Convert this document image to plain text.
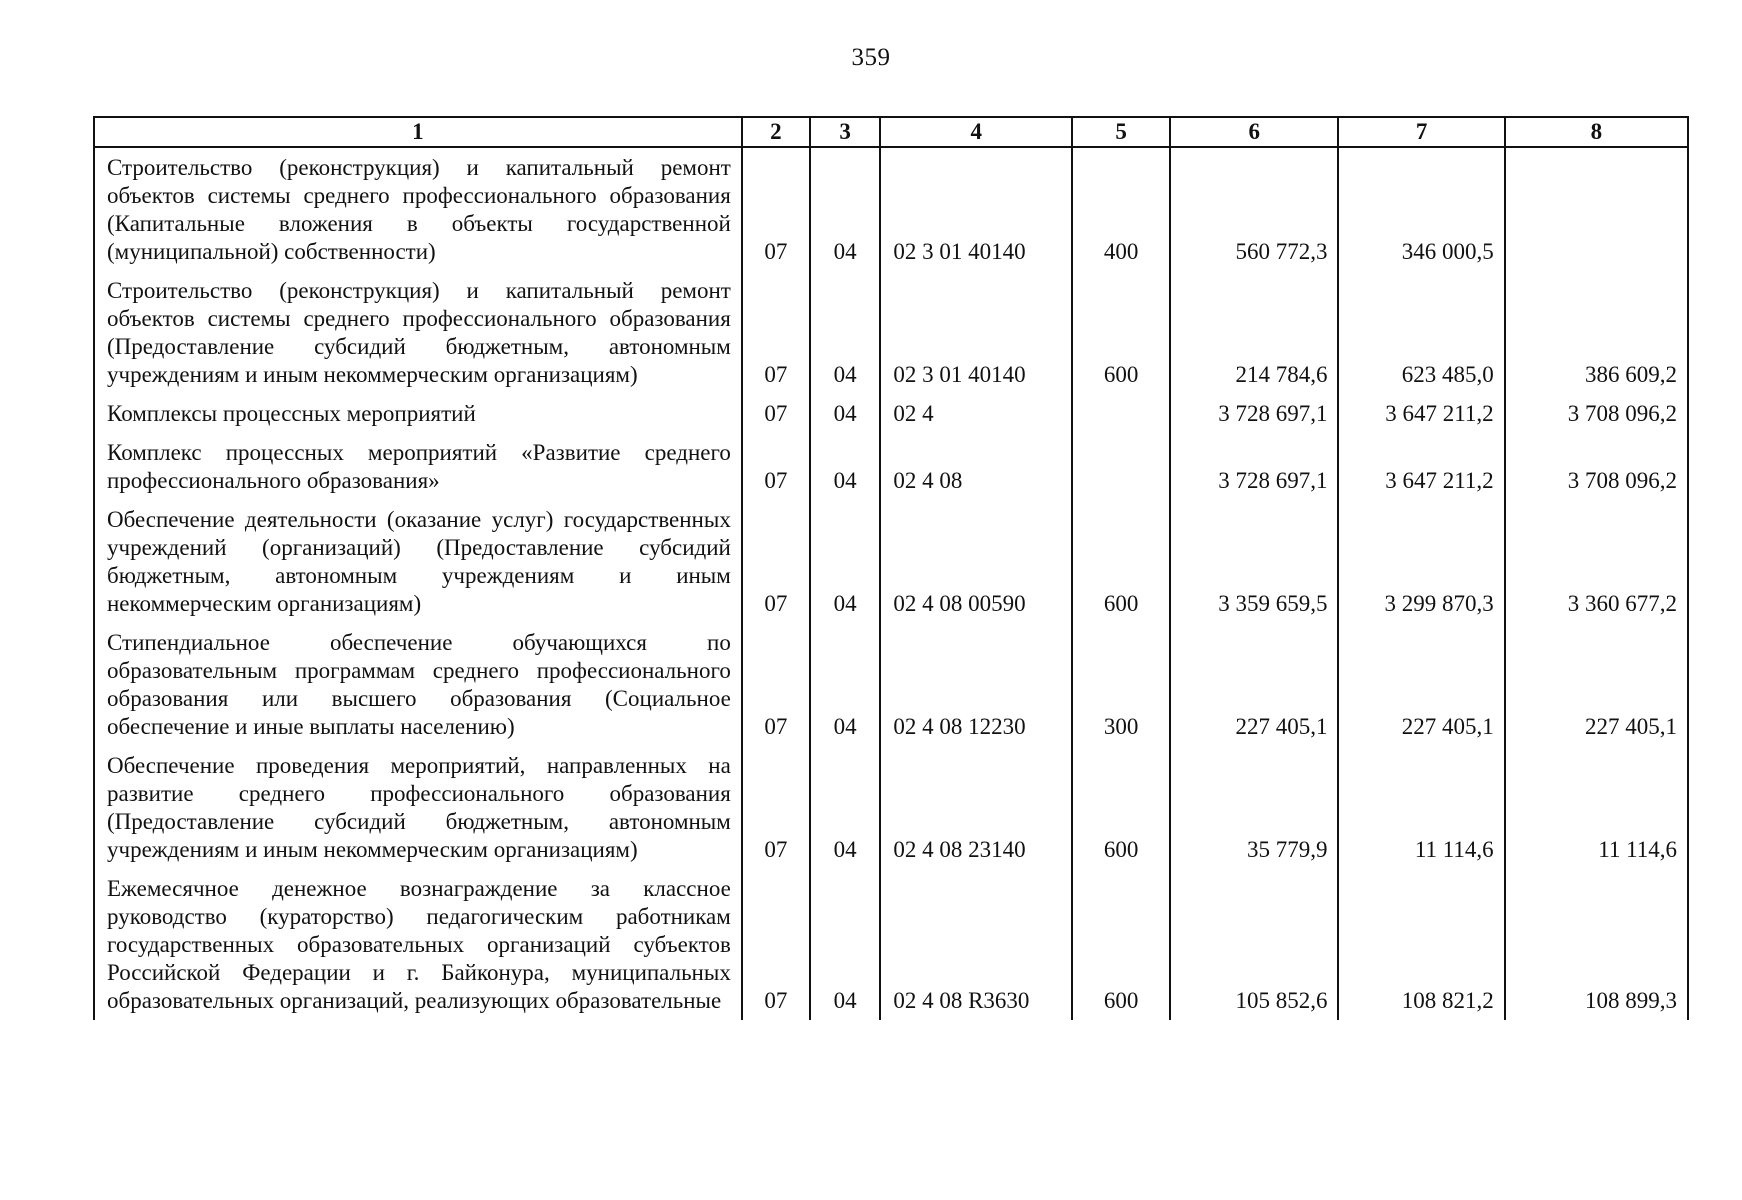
359
1	2	3	4	5	6	7	8
Строительство (реконструкция) и капитальный ремонт объектов системы среднего профессионального образования (Капитальные вложения в объекты государственной (муниципальной) собственности)	07	04	02 3 01 40140	400	560 772,3	346 000,5	
Строительство (реконструкция) и капитальный ремонт объектов системы среднего профессионального образования (Предоставление субсидий бюджетным, автономным учреждениям и иным некоммерческим организациям)	07	04	02 3 01 40140	600	214 784,6	623 485,0	386 609,2
Комплексы процессных мероприятий	07	04	02 4		3 728 697,1	3 647 211,2	3 708 096,2
Комплекс процессных мероприятий «Развитие среднего профессионального образования»	07	04	02 4 08		3 728 697,1	3 647 211,2	3 708 096,2
Обеспечение деятельности (оказание услуг) государственных учреждений (организаций) (Предоставление субсидий бюджетным, автономным учреждениям и иным некоммерческим организациям)	07	04	02 4 08 00590	600	3 359 659,5	3 299 870,3	3 360 677,2
Стипендиальное обеспечение обучающихся по образовательным программам среднего профессионального образования или высшего образования (Социальное обеспечение и иные выплаты населению)	07	04	02 4 08 12230	300	227 405,1	227 405,1	227 405,1
Обеспечение проведения мероприятий, направленных на развитие среднего профессионального образования (Предоставление субсидий бюджетным, автономным учреждениям и иным некоммерческим организациям)	07	04	02 4 08 23140	600	35 779,9	11 114,6	11 114,6
Ежемесячное денежное вознаграждение за классное руководство (кураторство) педагогическим работникам государственных образовательных организаций субъектов Российской Федерации и г. Байконура, муниципальных образовательных организаций, реализующих образовательные	07	04	02 4 08 R3630	600	105 852,6	108 821,2	108 899,3
